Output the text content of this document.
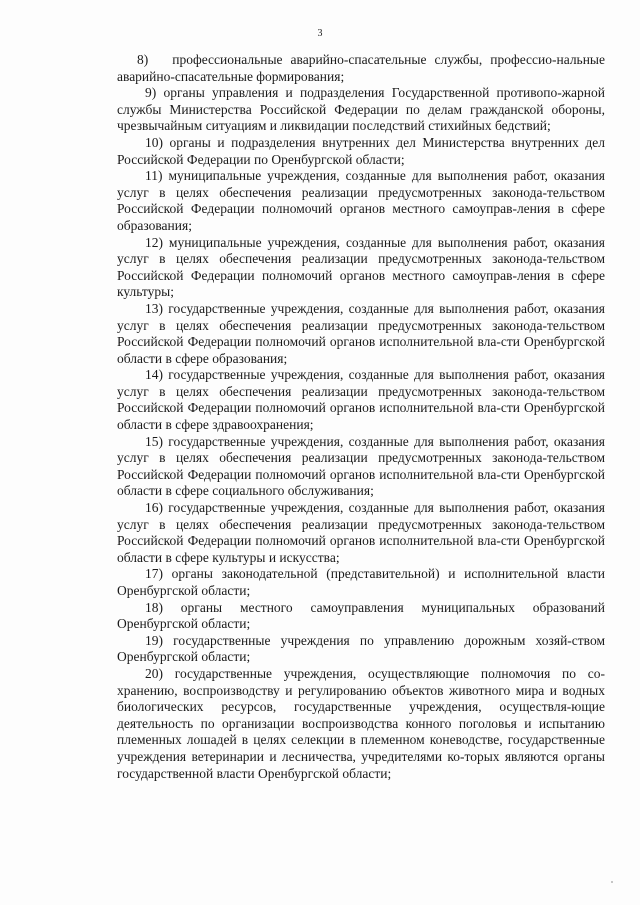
3

8)   профессиональные аварийно-спасательные службы, профессио-нальные аварийно-спасательные формирования;

9) органы управления и подразделения Государственной противопо-жарной службы Министерства Российской Федерации по делам гражданской обороны, чрезвычайным ситуациям и ликвидации последствий стихийных бедствий;

10) органы и подразделения внутренних дел Министерства внутренних дел Российской Федерации по Оренбургской области;

11) муниципальные учреждения, созданные для выполнения работ, оказания услуг в целях обеспечения реализации предусмотренных законода-тельством Российской Федерации полномочий органов местного самоуправ-ления в сфере образования;

12) муниципальные учреждения, созданные для выполнения работ, оказания услуг в целях обеспечения реализации предусмотренных законода-тельством Российской Федерации полномочий органов местного самоуправ-ления в сфере культуры;

13) государственные учреждения, созданные для выполнения работ, оказания услуг в целях обеспечения реализации предусмотренных законода-тельством Российской Федерации полномочий органов исполнительной вла-сти Оренбургской области в сфере образования;

14) государственные учреждения, созданные для выполнения работ, оказания услуг в целях обеспечения реализации предусмотренных законода-тельством Российской Федерации полномочий органов исполнительной вла-сти Оренбургской области в сфере здравоохранения;

15) государственные учреждения, созданные для выполнения работ, оказания услуг в целях обеспечения реализации предусмотренных законода-тельством Российской Федерации полномочий органов исполнительной вла-сти Оренбургской области в сфере социального обслуживания;

16) государственные учреждения, созданные для выполнения работ, оказания услуг в целях обеспечения реализации предусмотренных законода-тельством Российской Федерации полномочий органов исполнительной вла-сти Оренбургской области в сфере культуры и искусства;

17) органы законодательной (представительной) и исполнительной власти Оренбургской области;

18) органы местного самоуправления муниципальных образований Оренбургской области;

19) государственные учреждения по управлению дорожным хозяй-ством Оренбургской области;

20) государственные учреждения, осуществляющие полномочия по со-хранению, воспроизводству и регулированию объектов животного мира и водных биологических ресурсов, государственные учреждения, осуществля-ющие деятельность по организации воспроизводства конного поголовья и испытанию племенных лошадей в целях селекции в племенном коневодстве, государственные учреждения ветеринарии и лесничества, учредителями ко-торых являются органы государственной власти Оренбургской области;
